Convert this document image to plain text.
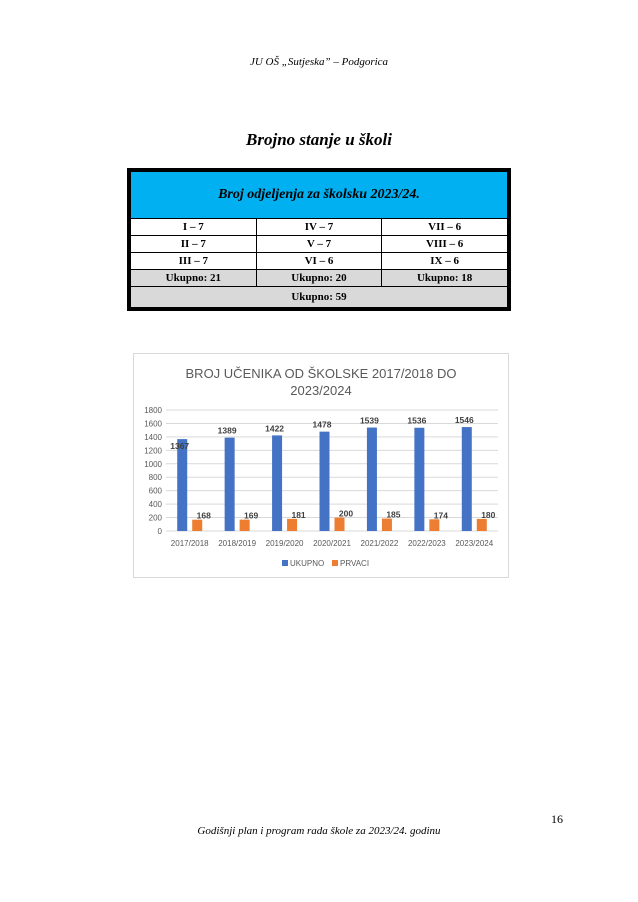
JU OŠ „Sutjeska” – Podgorica
Brojno stanje u školi
Broj odjeljenja za školsku 2023/24.		
I – 7	IV – 7	VII – 6
II – 7	V – 7	VIII – 6
III – 7	VI – 6	IX – 6
Ukupno: 21	Ukupno: 20	Ukupno: 18
Ukupno: 59		
BROJ UČENIKA OD ŠKOLSKE 2017/2018 DO
2023/2024
0
200
400
600
800
1000
1200
1400
1600
1800
1367
168
2017/2018
1389
169
2018/2019
1422
181
2019/2020
1478
200
2020/2021
1539
185
2021/2022
1536
174
2022/2023
1546
180
2023/2024
UKUPNO PRVACI
16
Godišnji plan i program rada škole za 2023/24. godinu
